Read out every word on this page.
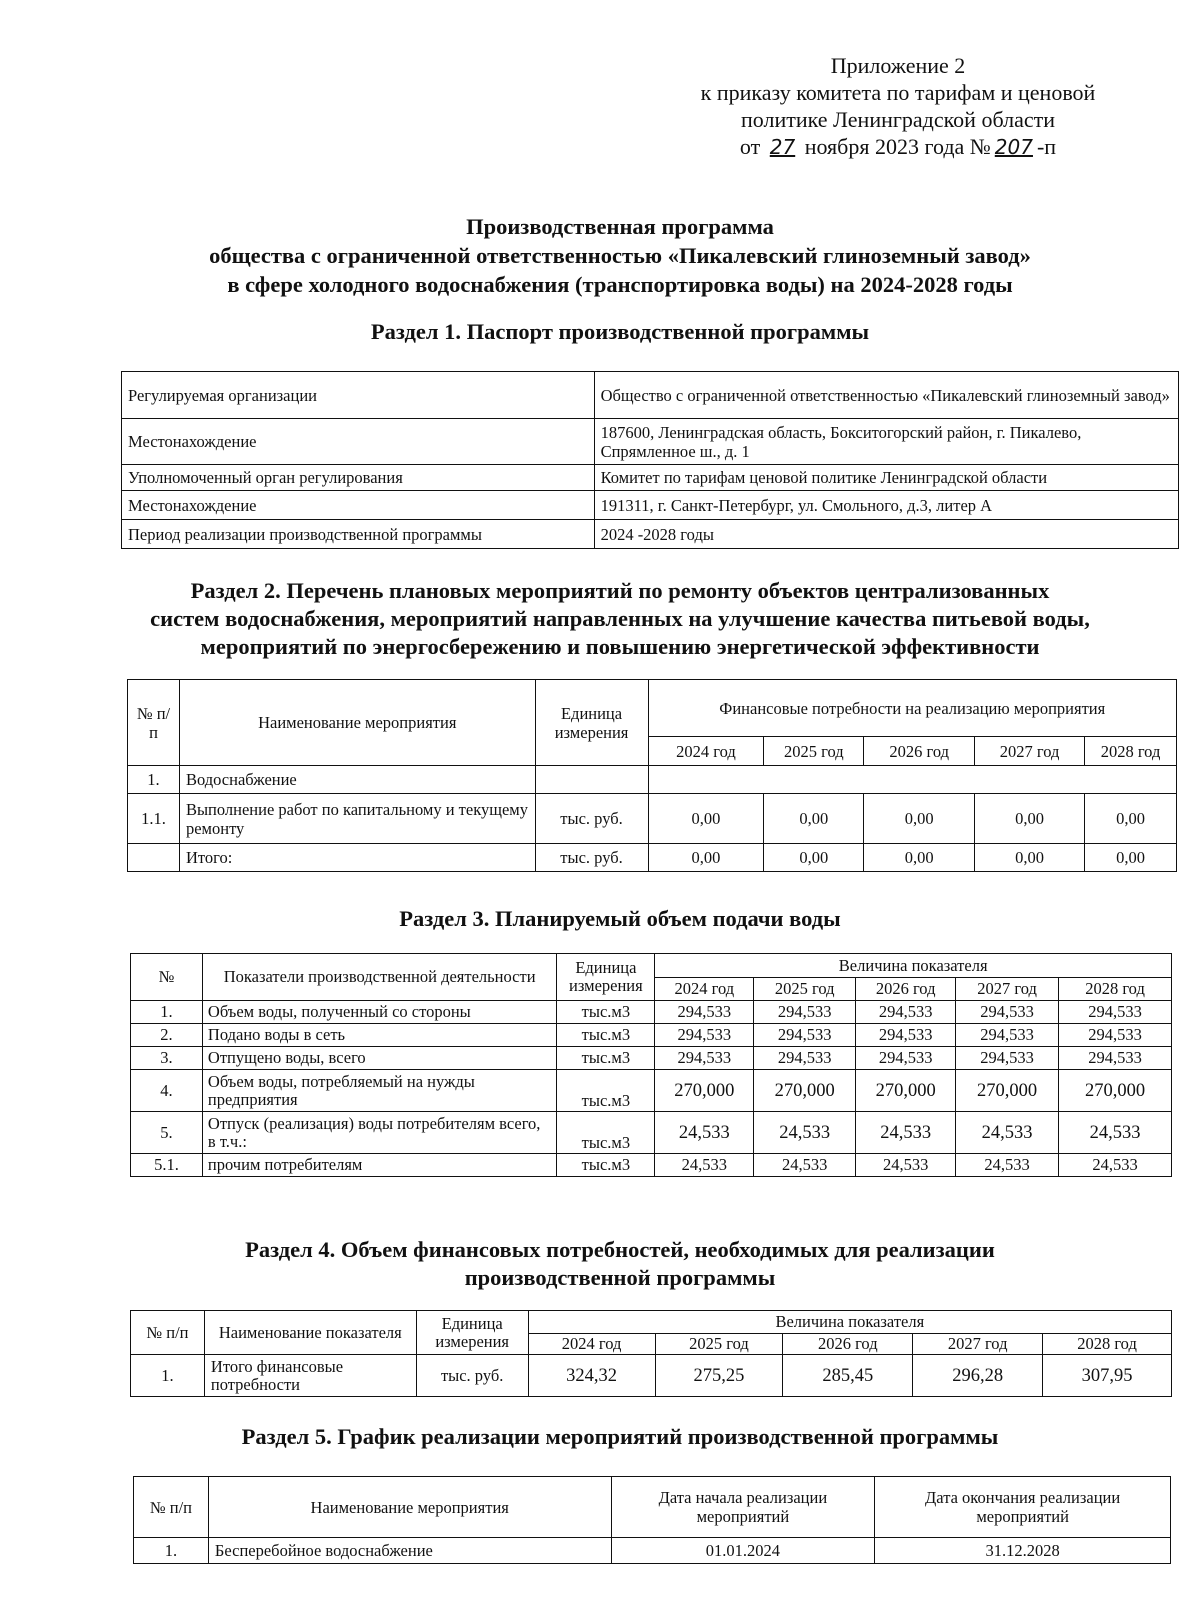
Приложение 2
к приказу комитета по тарифам и ценовой
политике Ленинградской области
от 27 ноября 2023 года № 207 -п
Производственная программа
общества с ограниченной ответственностью «Пикалевский глиноземный завод»
в сфере холодного водоснабжения (транспортировка воды) на 2024-2028 годы
Раздел 1. Паспорт производственной программы
Регулируемая организации	Общество с ограниченной ответственностью «Пикалевский глиноземный завод»
Местонахождение	187600, Ленинградская область, Бокситогорский район, г. Пикалево, Спрямленное ш., д. 1
Уполномоченный орган регулирования	Комитет по тарифам ценовой политике Ленинградской области
Местонахождение	191311, г. Санкт-Петербург, ул. Смольного, д.3, литер А
Период реализации производственной программы	2024 -2028 годы
Раздел 2. Перечень плановых мероприятий по ремонту объектов централизованных
систем водоснабжения, мероприятий направленных на улучшение качества питьевой воды,
мероприятий по энергосбережению и повышению энергетической эффективности
№ п/п	Наименование мероприятия	Единица измерения	Финансовые потребности на реализацию мероприятия				
			2024 год	2025 год	2026 год	2027 год	2028 год
1.	Водоснабжение						
1.1.	Выполнение работ по капитальному и текущему ремонту	тыс. руб.	0,00	0,00	0,00	0,00	0,00
	Итого:	тыс. руб.	0,00	0,00	0,00	0,00	0,00
Раздел 3. Планируемый объем подачи воды
№	Показатели производственной деятельности	Единица измерения	Величина показателя				
			2024 год	2025 год	2026 год	2027 год	2028 год
1.	Объем воды, полученный со стороны	тыс.м3	294,533	294,533	294,533	294,533	294,533
2.	Подано воды в сеть	тыс.м3	294,533	294,533	294,533	294,533	294,533
3.	Отпущено воды, всего	тыс.м3	294,533	294,533	294,533	294,533	294,533
4.	Объем воды, потребляемый на нужды предприятия	тыс.м3	270,000	270,000	270,000	270,000	270,000
5.	Отпуск (реализация) воды потребителям всего, в т.ч.:	тыс.м3	24,533	24,533	24,533	24,533	24,533
5.1.	прочим потребителям	тыс.м3	24,533	24,533	24,533	24,533	24,533
Раздел 4. Объем финансовых потребностей, необходимых для реализации
производственной программы
№ п/п	Наименование показателя	Единица измерения	Величина показателя				
			2024 год	2025 год	2026 год	2027 год	2028 год
1.	Итого финансовые потребности	тыс. руб.	324,32	275,25	285,45	296,28	307,95
Раздел 5. График реализации мероприятий производственной программы
№ п/п	Наименование мероприятия	Дата начала реализации мероприятий	Дата окончания реализации мероприятий
1.	Бесперебойное водоснабжение	01.01.2024	31.12.2028
